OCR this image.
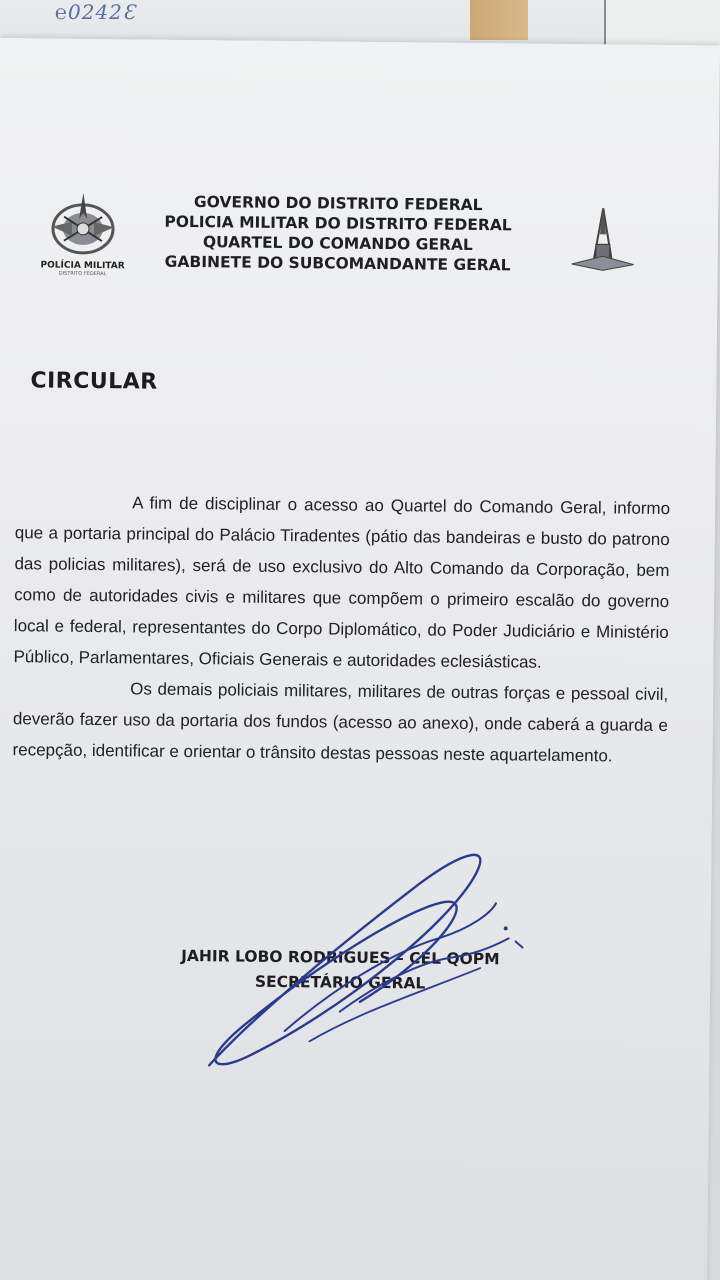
℮0242Ɛ
POLÍCIA MILITAR
DISTRITO FEDERAL
GOVERNO DO DISTRITO FEDERAL
POLICIA MILITAR DO DISTRITO FEDERAL
QUARTEL DO COMANDO GERAL
GABINETE DO SUBCOMANDANTE GERAL
CIRCULAR

A fim de disciplinar o acesso ao Quartel do Comando Geral, informo que a portaria principal do Palácio Tiradentes (pátio das bandeiras e busto do patrono das policias militares), será de uso exclusivo do Alto Comando da Corporação, bem como de autoridades civis e militares que compõem o primeiro escalão do governo local e federal, representantes do Corpo Diplomático, do Poder Judiciário e Ministério Público, Parlamentares, Oficiais Generais e autoridades eclesiásticas.

Os demais policiais militares, militares de outras forças e pessoal civil, deverão fazer uso da portaria dos fundos (acesso ao anexo), onde caberá a guarda e recepção, identificar e orientar o trânsito destas pessoas neste aquartelamento.

JAHIR LOBO RODRIGUES – CEL QOPM
SECRETÁRIO GERAL
